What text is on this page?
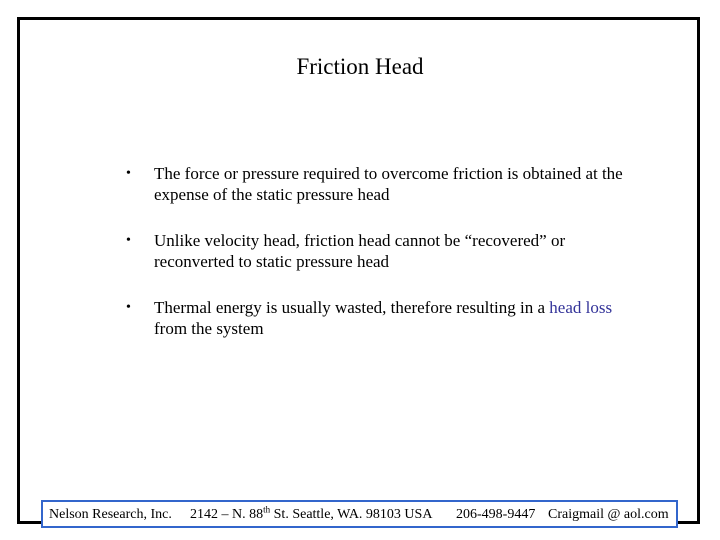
Friction Head
• The force or pressure required to overcome friction is obtained at the expense of the static pressure head
• Unlike velocity head, friction head cannot be “recovered” or reconverted to static pressure head
• Thermal energy is usually wasted, therefore resulting in a head loss from the system
Nelson Research, Inc. 2142 – N. 88th St. Seattle, WA. 98103 USA 206-498-9447 Craigmail @ aol.com
